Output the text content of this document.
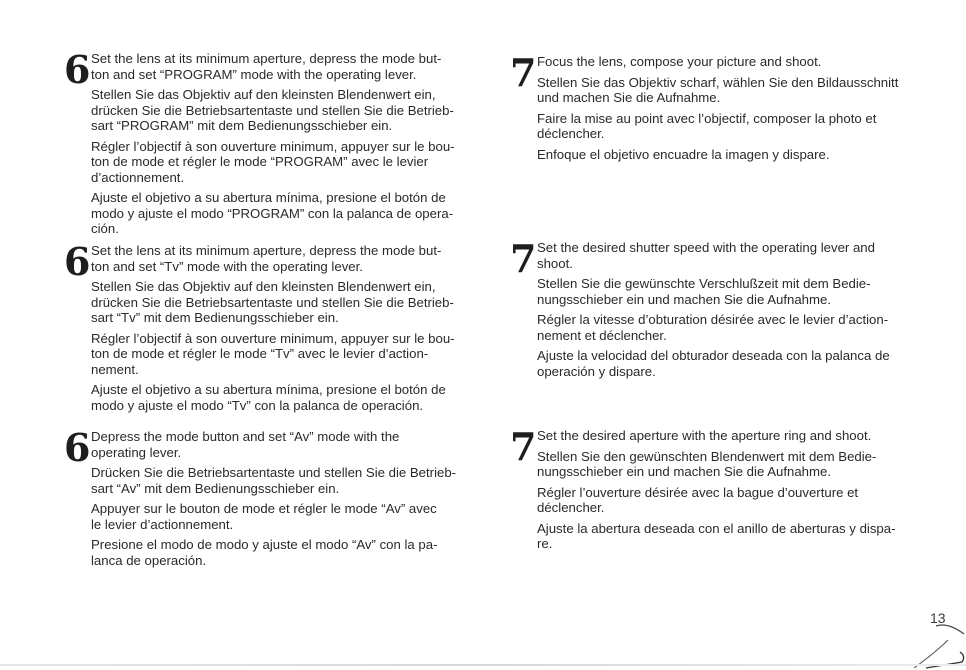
6 Set the lens at its minimum aperture, depress the mode but-
ton and set “PROGRAM” mode with the operating lever.

Stellen Sie das Objektiv auf den kleinsten Blendenwert ein,
drücken Sie die Betriebsartentaste und stellen Sie die Betrieb-
sart “PROGRAM” mit dem Bedienungsschieber ein.

Régler l’objectif à son ouverture minimum, appuyer sur le bou-
ton de mode et régler le mode “PROGRAM” avec le levier
d’actionnement.

Ajuste el objetivo a su abertura mínima, presione el botón de
modo y ajuste el modo “PROGRAM” con la palanca de opera-
ción.

6 Set the lens at its minimum aperture, depress the mode but-
ton and set “Tv” mode with the operating lever.

Stellen Sie das Objektiv auf den kleinsten Blendenwert ein,
drücken Sie die Betriebsartentaste und stellen Sie die Betrieb-
sart “Tv” mit dem Bedienungsschieber ein.

Régler l’objectif à son ouverture minimum, appuyer sur le bou-
ton de mode et régler le mode “Tv” avec le levier d’action-
nement.

Ajuste el objetivo a su abertura mínima, presione el botón de
modo y ajuste el modo “Tv” con la palanca de operación.

6 Depress the mode button and set “Av” mode with the
operating lever.

Drücken Sie die Betriebsartentaste und stellen Sie die Betrieb-
sart “Av” mit dem Bedienungsschieber ein.

Appuyer sur le bouton de mode et régler le mode “Av” avec
le levier d’actionnement.

Presione el modo de modo y ajuste el modo “Av” con la pa-
lanca de operación.

7 Focus the lens, compose your picture and shoot.

Stellen Sie das Objektiv scharf, wählen Sie den Bildausschnitt
und machen Sie die Aufnahme.

Faire la mise au point avec l’objectif, composer la photo et
déclencher.

Enfoque el objetivo encuadre la imagen y dispare.

7 Set the desired shutter speed with the operating lever and
shoot.

Stellen Sie die gewünschte Verschlußzeit mit dem Bedie-
nungsschieber ein und machen Sie die Aufnahme.

Régler la vitesse d’obturation désirée avec le levier d’action-
nement et déclencher.

Ajuste la velocidad del obturador deseada con la palanca de
operación y dispare.

7 Set the desired aperture with the aperture ring and shoot.

Stellen Sie den gewünschten Blendenwert mit dem Bedie-
nungsschieber ein und machen Sie die Aufnahme.

Régler l’ouverture désirée avec la bague d’ouverture et
déclencher.

Ajuste la abertura deseada con el anillo de aberturas y dispa-
re.

13
